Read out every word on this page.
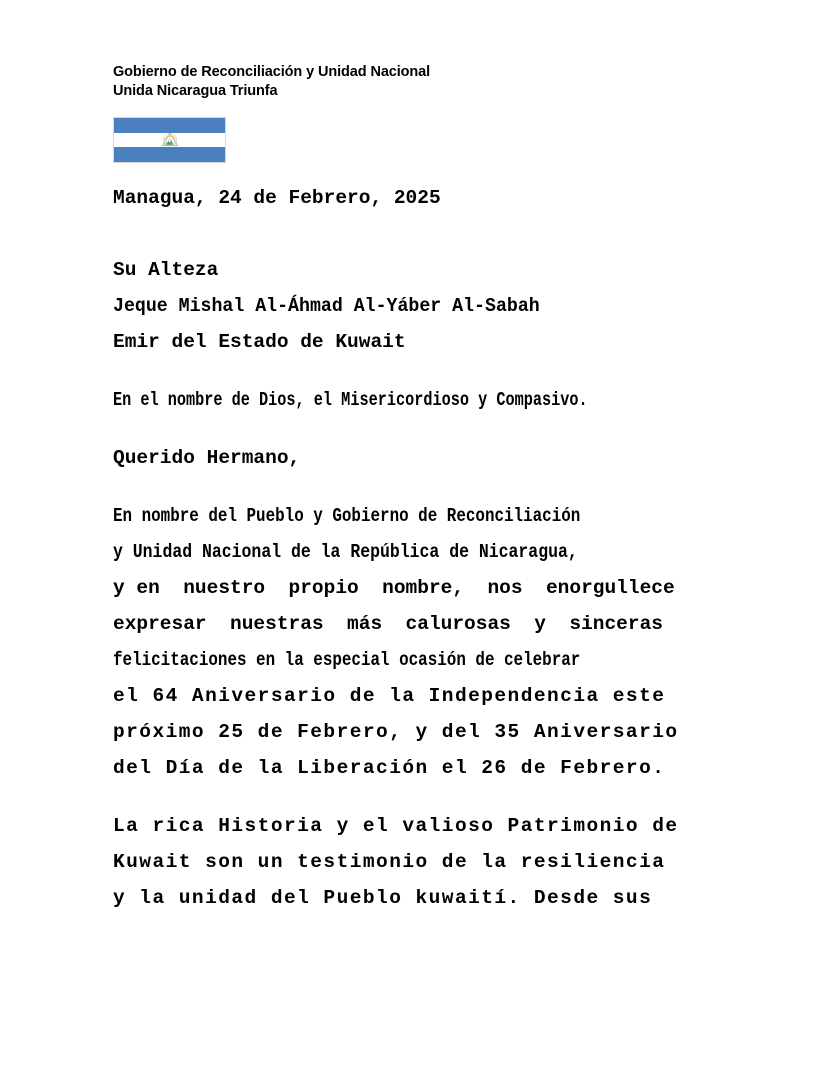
Gobierno de Reconciliación y Unidad Nacional
Unida Nicaragua Triunfa
Managua, 24 de Febrero, 2025
Su Alteza
Jeque Mishal Al-Áhmad Al-Yáber Al-Sabah
Emir del Estado de Kuwait
En el nombre de Dios, el Misericordioso y Compasivo.
Querido Hermano,
En nombre del Pueblo y Gobierno de Reconciliación
y Unidad Nacional de la República de Nicaragua,
y en  nuestro  propio  nombre,  nos  enorgullece
expresar  nuestras  más  calurosas  y  sinceras
felicitaciones en la especial ocasión de celebrar
el 64 Aniversario de la Independencia este
próximo 25 de Febrero, y del 35 Aniversario
del Día de la Liberación el 26 de Febrero.
La rica Historia y el valioso Patrimonio de
Kuwait son un testimonio de la resiliencia
y la unidad del Pueblo kuwaití. Desde sus
